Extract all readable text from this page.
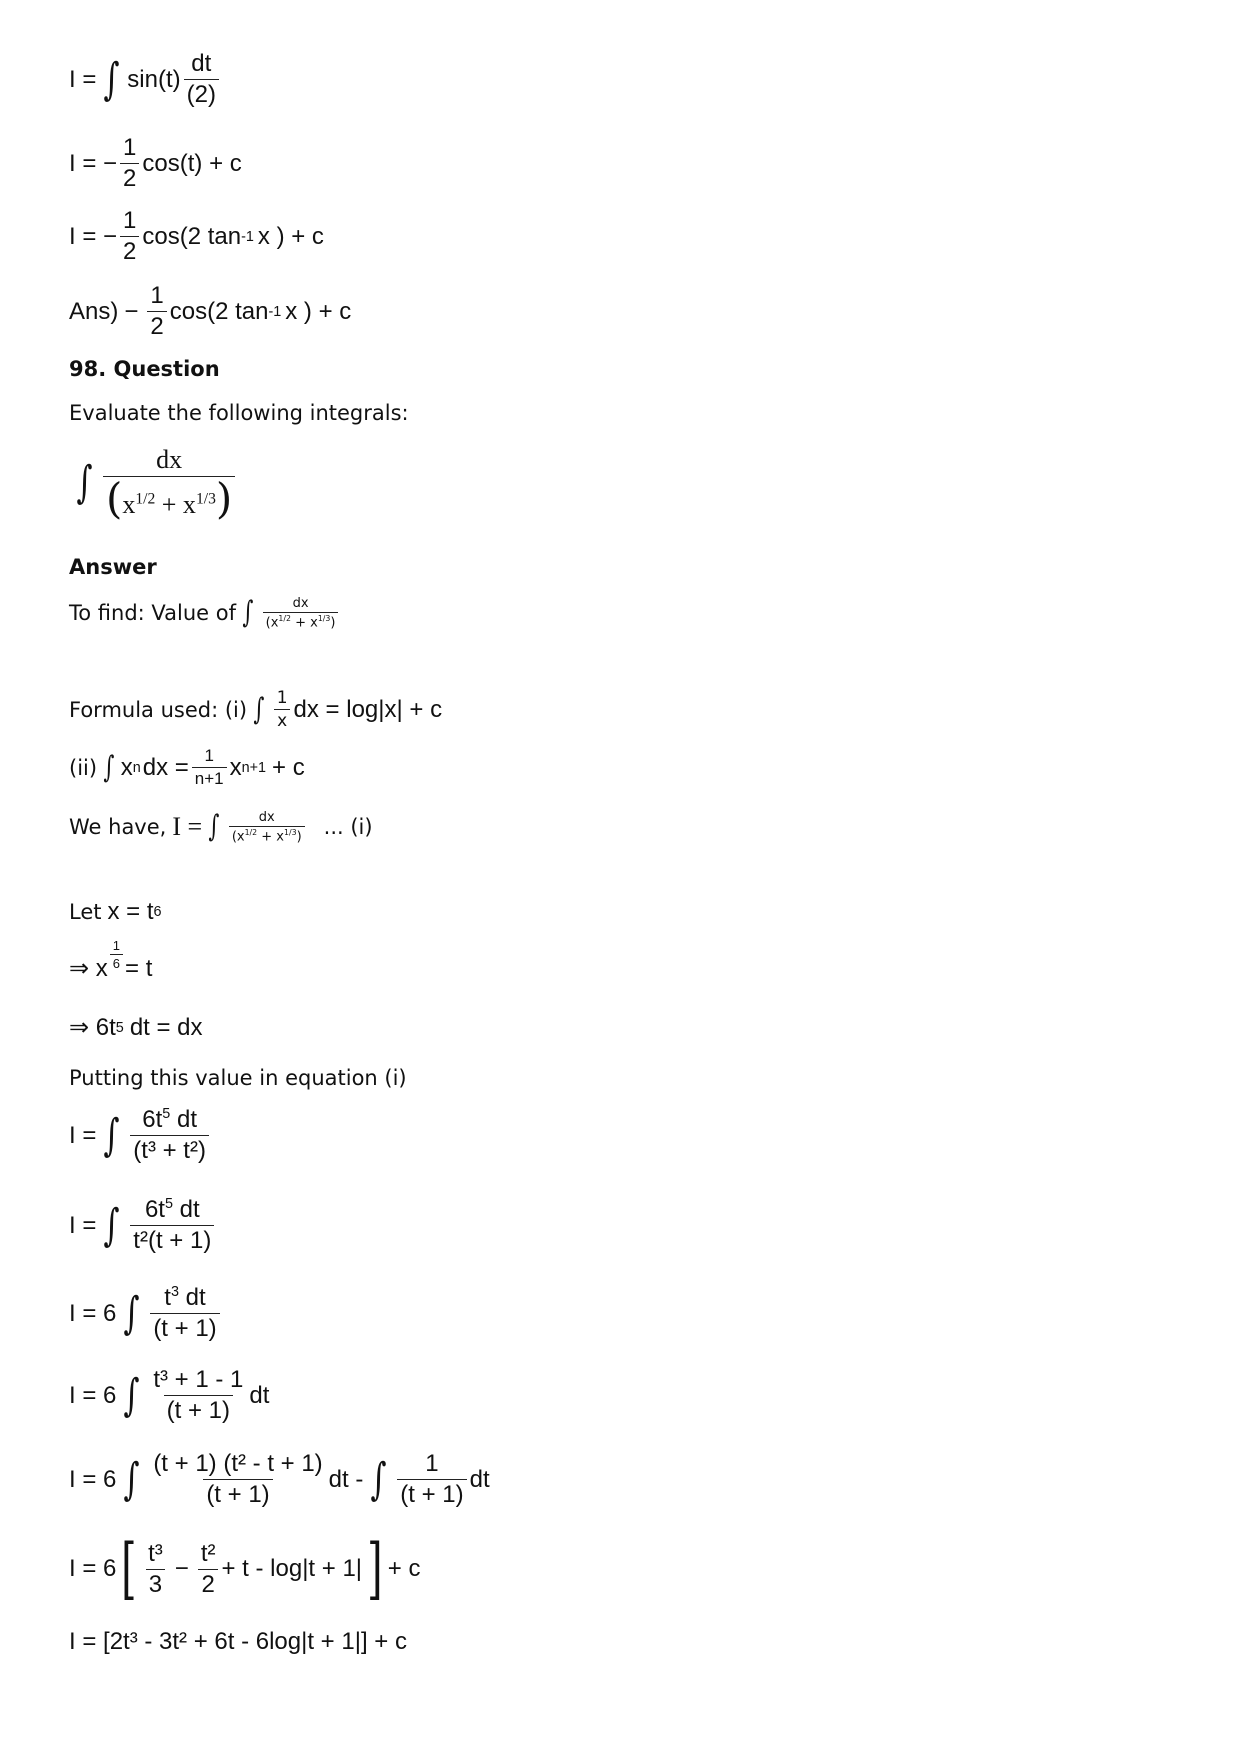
I = ∫ $\sin(t) \frac{dt}{(2)}$
I = − $\frac{1}{2} \cos(t) + c$
I = − $\frac{1}{2} \cos(2$ tan -1 x ) + c
$Ans) - \frac{1}{2} \cos(2$ tan -1 x ) + c
98. Question
Evaluate the following integrals:
∫ $\frac{dx}{(x^{1/2} + x^{1/3})}$
Answer
To find: Value of ∫ $\frac{dx}{(x^{1/2} + x^{1/3})}$
Formula used: (i) ∫ $\frac{1}{x}$ dx = log|x| + c
(ii) ∫ x n dx = $\frac{1}{n+1}$ x n+1 + c
We have, I = ∫ $\frac{dx}{(x^{1/2} + x^{1/3})}$ ... (i)
Let x = t 6
⇒ x $\frac{1}{6} = t$
⇒ 6t 5 dt = dx
Putting this value in equation (i)
I = ∫ $\frac{6t^5 dt}{\text{(t³ + t²)}}$
I = ∫ $\frac{6t^5 dt}{\text{t²(t + 1)}}$
I = 6 ∫ $\frac{t^3 dt}{(t + 1)}$
I = 6 ∫ $\frac{\text{t³ + 1 - 1}}{(t + 1)}$ dt
I = 6 ∫ $\frac{\text{(t + 1) (t² - t + 1)}}{(t + 1)}$ dt - ∫ $\frac{1}{(t + 1)}$ dt
I = 6 [ $\frac{\text{t³}}{3} - \frac{\text{t²}}{2} + t - \log|t + 1|$ ] + c
I = [2t³ - 3t² + 6t - 6log|t + 1|] + c
